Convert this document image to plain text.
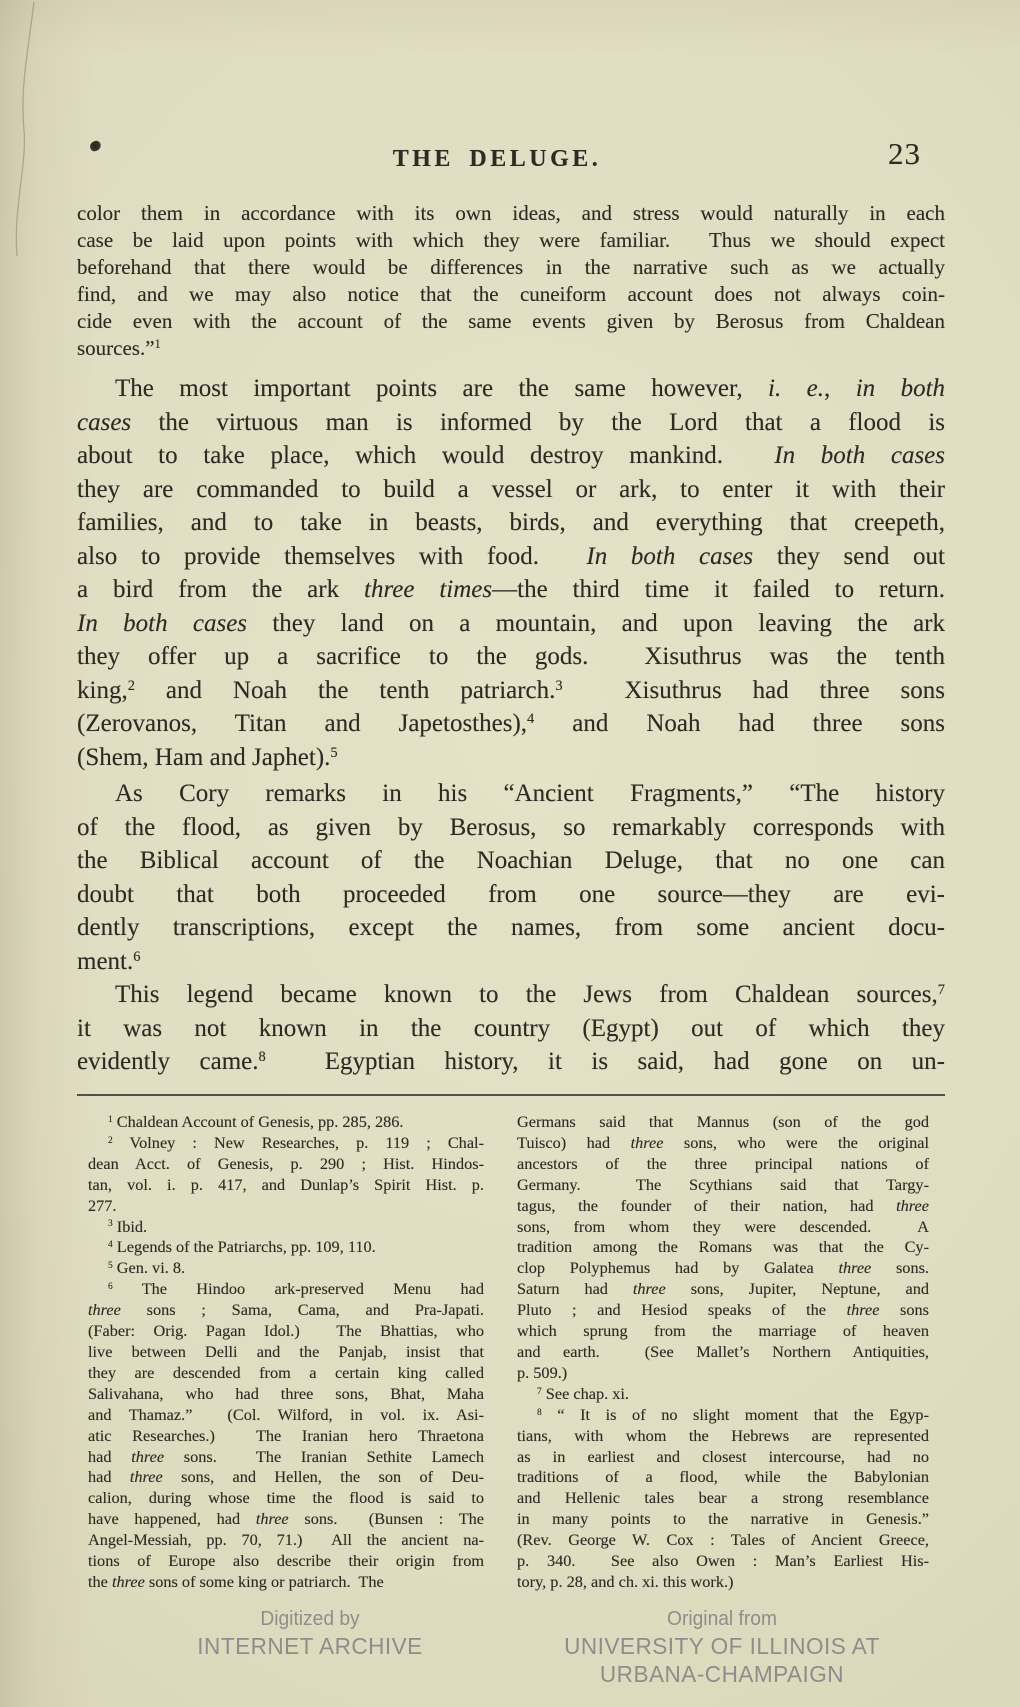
THE DELUGE.	23
color them in accordance with its own ideas, and stress would naturally in each
case be laid upon points with which they were familiar.  Thus we should expect
beforehand that there would be differences in the narrative such as we actually
find, and we may also notice that the cuneiform account does not always coin-
cide even with the account of the same events given by Berosus from Chaldean
sources.”$^1$
The most important points are the same however, i. e., in both
cases the virtuous man is informed by the Lord that a flood is
about to take place, which would destroy mankind.  In both cases
they are commanded to build a vessel or ark, to enter it with their
families, and to take in beasts, birds, and everything that creepeth,
also to provide themselves with food.  In both cases they send out
a bird from the ark three times—the third time it failed to return.
In both cases they land on a mountain, and upon leaving the ark
they offer up a sacrifice to the gods.  Xisuthrus was the tenth
king,$^2$ and Noah the tenth patriarch.$^3$  Xisuthrus had three sons
(Zerovanos, Titan and Japetosthes),$^4$ and Noah had three sons
(Shem, Ham and Japhet).$^5$
As Cory remarks in his “Ancient Fragments,” “The history
of the flood, as given by Berosus, so remarkably corresponds with
the Biblical account of the Noachian Deluge, that no one can
doubt that both proceeded from one source—they are evi-
dently transcriptions, except the names, from some ancient docu-
ment.$^6$
This legend became known to the Jews from Chaldean sources,$^7$
it was not known in the country (Egypt) out of which they
evidently came.$^8$  Egyptian history, it is said, had gone on un-
$^1$ Chaldean Account of Genesis, pp. 285, 286.
$^2$ Volney : New Researches, p. 119 ; Chal-
dean Acct. of Genesis, p. 290 ; Hist. Hindos-
tan, vol. i. p. 417, and Dunlap’s Spirit Hist. p.
277.
$^3$ Ibid.
$^4$ Legends of the Patriarchs, pp. 109, 110.
$^5$ Gen. vi. 8.
$^6$ The Hindoo ark-preserved Menu had
three sons ; Sama, Cama, and Pra-Japati.
(Faber: Orig. Pagan Idol.)  The Bhattias, who
live between Delli and the Panjab, insist that
they are descended from a certain king called
Salivahana, who had three sons, Bhat, Maha
and Thamaz.”  (Col. Wilford, in vol. ix. Asi-
atic Researches.)  The Iranian hero Thraetona
had three sons.  The Iranian Sethite Lamech
had three sons, and Hellen, the son of Deu-
calion, during whose time the flood is said to
have happened, had three sons.  (Bunsen : The
Angel-Messiah, pp. 70, 71.)  All the ancient na-
tions of Europe also describe their origin from
the three sons of some king or patriarch.  The
Germans said that Mannus (son of the god
Tuisco) had three sons, who were the original
ancestors of the three principal nations of
Germany.  The Scythians said that Targy-
tagus, the founder of their nation, had three
sons, from whom they were descended.  A
tradition among the Romans was that the Cy-
clop Polyphemus had by Galatea three sons.
Saturn had three sons, Jupiter, Neptune, and
Pluto ; and Hesiod speaks of the three sons
which sprung from the marriage of heaven
and earth.  (See Mallet’s Northern Antiquities,
p. 509.)
$^7$ See chap. xi.
$^8$ “ It is of no slight moment that the Egyp-
tians, with whom the Hebrews are represented
as in earliest and closest intercourse, had no
traditions of a flood, while the Babylonian
and Hellenic tales bear a strong resemblance
in many points to the narrative in Genesis.”
(Rev. George W. Cox : Tales of Ancient Greece,
p. 340.  See also Owen : Man’s Earliest His-
tory, p. 28, and ch. xi. this work.)
Digitized by
INTERNET ARCHIVE
Original from
UNIVERSITY OF ILLINOIS AT
URBANA-CHAMPAIGN
